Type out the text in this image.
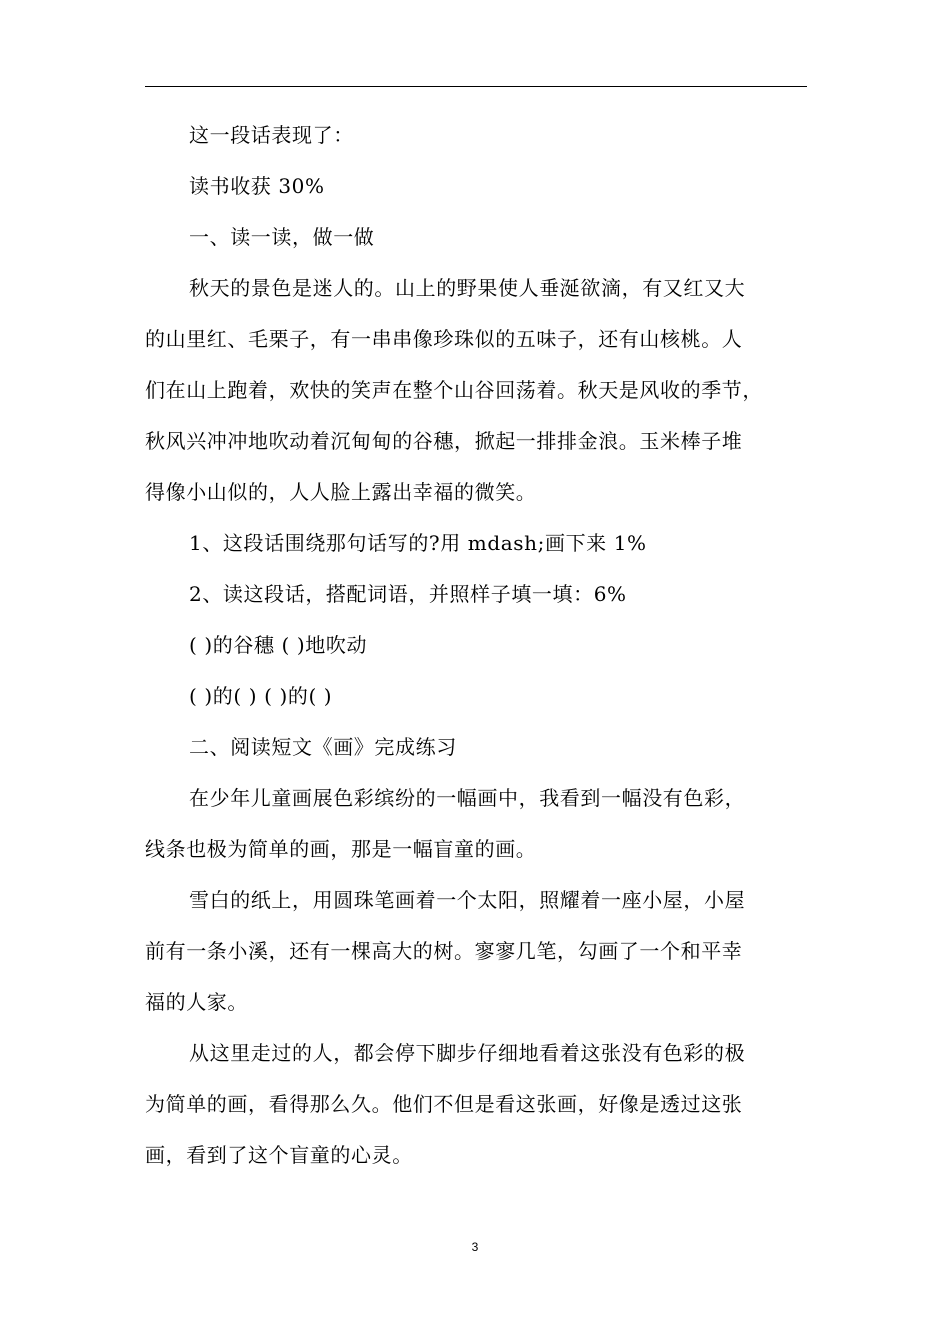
这一段话表现了：
读书收获 30%
一、读一读，做一做
秋天的景色是迷人的。山上的野果使人垂涎欲滴，有又红又大
的山里红、毛栗子，有一串串像珍珠似的五味子，还有山核桃。人
们在山上跑着，欢快的笑声在整个山谷回荡着。秋天是风收的季节，
秋风兴冲冲地吹动着沉甸甸的谷穗，掀起一排排金浪。玉米棒子堆
得像小山似的，人人脸上露出幸福的微笑。
1、这段话围绕那句话写的?用 mdash;画下来 1%
2、读这段话，搭配词语，并照样子填一填：6%
( )的谷穗 ( )地吹动
( )的( ) ( )的( )
二、阅读短文《画》完成练习
在少年儿童画展色彩缤纷的一幅画中，我看到一幅没有色彩，
线条也极为简单的画，那是一幅盲童的画。
雪白的纸上，用圆珠笔画着一个太阳，照耀着一座小屋，小屋
前有一条小溪，还有一棵高大的树。寥寥几笔，勾画了一个和平幸
福的人家。
从这里走过的人，都会停下脚步仔细地看着这张没有色彩的极
为简单的画，看得那么久。他们不但是看这张画，好像是透过这张
画，看到了这个盲童的心灵。
3
